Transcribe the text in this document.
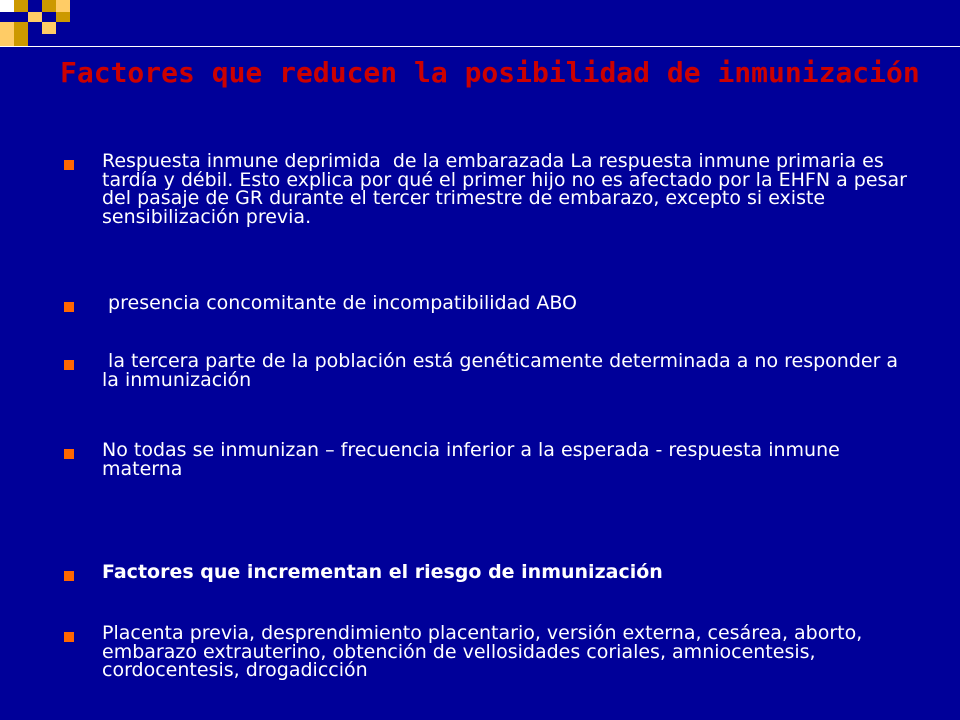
Factores que reducen la posibilidad de inmunización
Respuesta inmune deprimida  de la embarazada La respuesta inmune primaria es tardía y débil. Esto explica por qué el primer hijo no es afectado por la EHFN a pesar del pasaje de GR durante el tercer trimestre de embarazo, excepto si existe sensibilización previa.
presencia concomitante de incompatibilidad ABO
la tercera parte de la población está genéticamente determinada a no responder a la inmunización
No todas se inmunizan – frecuencia inferior a la esperada - respuesta inmune materna
Factores que incrementan el riesgo de inmunización
Placenta previa, desprendimiento placentario, versión externa, cesárea, aborto, embarazo extrauterino, obtención de vellosidades coriales, amniocentesis, cordocentesis, drogadicción
